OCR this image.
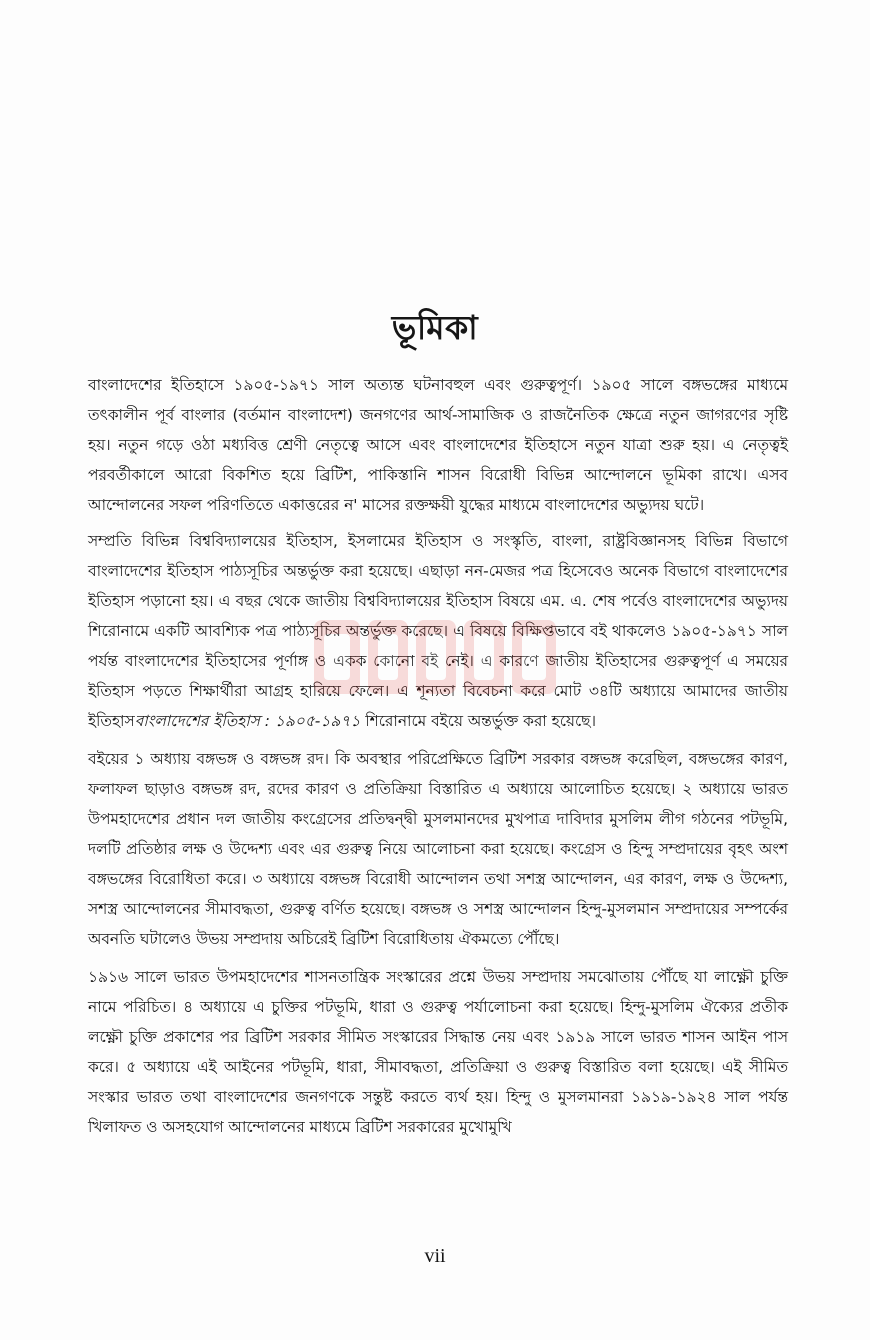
ভূমিকা

বাংলাদেশের ইতিহাসে ১৯০৫-১৯৭১ সাল অত্যন্ত ঘটনাবহুল এবং গুরুত্বপূর্ণ। ১৯০৫ সালে বঙ্গভঙ্গের মাধ্যমে তৎকালীন পূর্ব বাংলার (বর্তমান বাংলাদেশ) জনগণের আর্থ-সামাজিক ও রাজনৈতিক ক্ষেত্রে নতুন জাগরণের সৃষ্টি হয়। নতুন গড়ে ওঠা মধ্যবিত্ত শ্রেণী নেতৃত্বে আসে এবং বাংলাদেশের ইতিহাসে নতুন যাত্রা শুরু হয়। এ নেতৃত্বই পরবর্তীকালে আরো বিকশিত হয়ে ব্রিটিশ, পাকিস্তানি শাসন বিরোধী বিভিন্ন আন্দোলনে ভূমিকা রাখে। এসব আন্দোলনের সফল পরিণতিতে একাত্তরের ন' মাসের রক্তক্ষয়ী যুদ্ধের মাধ্যমে বাংলাদেশের অভ্যুদয় ঘটে।

সম্প্রতি বিভিন্ন বিশ্ববিদ্যালয়ের ইতিহাস, ইসলামের ইতিহাস ও সংস্কৃতি, বাংলা, রাষ্ট্রবিজ্ঞানসহ বিভিন্ন বিভাগে বাংলাদেশের ইতিহাস পাঠ্যসূচির অন্তর্ভুক্ত করা হয়েছে। এছাড়া নন-মেজর পত্র হিসেবেও অনেক বিভাগে বাংলাদেশের ইতিহাস পড়ানো হয়। এ বছর থেকে জাতীয় বিশ্ববিদ্যালয়ের ইতিহাস বিষয়ে এম. এ. শেষ পর্বেও বাংলাদেশের অভ্যুদয় শিরোনামে একটি আবশ্যিক পত্র পাঠ্যসূচির অন্তর্ভুক্ত করেছে। এ বিষয়ে বিক্ষিপ্তভাবে বই থাকলেও ১৯০৫-১৯৭১ সাল পর্যন্ত বাংলাদেশের ইতিহাসের পূর্ণাঙ্গ ও একক কোনো বই নেই। এ কারণে জাতীয় ইতিহাসের গুরুত্বপূর্ণ এ সময়ের ইতিহাস পড়তে শিক্ষার্থীরা আগ্রহ হারিয়ে ফেলে। এ শূন্যতা বিবেচনা করে মোট ৩৪টি অধ্যায়ে আমাদের জাতীয় ইতিহাসবাংলাদেশের ইতিহাস : ১৯০৫-১৯৭১ শিরোনামে বইয়ে অন্তর্ভুক্ত করা হয়েছে।

বইয়ের ১ অধ্যায় বঙ্গভঙ্গ ও বঙ্গভঙ্গ রদ। কি অবস্থার পরিপ্রেক্ষিতে ব্রিটিশ সরকার বঙ্গভঙ্গ করেছিল, বঙ্গভঙ্গের কারণ, ফলাফল ছাড়াও বঙ্গভঙ্গ রদ, রদের কারণ ও প্রতিক্রিয়া বিস্তারিত এ অধ্যায়ে আলোচিত হয়েছে। ২ অধ্যায়ে ভারত উপমহাদেশের প্রধান দল জাতীয় কংগ্রেসের প্রতিদ্বন্দ্বী মুসলমানদের মুখপাত্র দাবিদার মুসলিম লীগ গঠনের পটভূমি, দলটি প্রতিষ্ঠার লক্ষ ও উদ্দেশ্য এবং এর গুরুত্ব নিয়ে আলোচনা করা হয়েছে। কংগ্রেস ও হিন্দু সম্প্রদায়ের বৃহৎ অংশ বঙ্গভঙ্গের বিরোধিতা করে। ৩ অধ্যায়ে বঙ্গভঙ্গ বিরোধী আন্দোলন তথা সশস্ত্র আন্দোলন, এর কারণ, লক্ষ ও উদ্দেশ্য, সশস্ত্র আন্দোলনের সীমাবদ্ধতা, গুরুত্ব বর্ণিত হয়েছে। বঙ্গভঙ্গ ও সশস্ত্র আন্দোলন হিন্দু-মুসলমান সম্প্রদায়ের সম্পর্কের অবনতি ঘটালেও উভয় সম্প্রদায় অচিরেই ব্রিটিশ বিরোধিতায় ঐকমত্যে পৌঁছে।

১৯১৬ সালে ভারত উপমহাদেশের শাসনতান্ত্রিক সংস্কারের প্রশ্নে উভয় সম্প্রদায় সমঝোতায় পৌঁছে যা লাক্ষ্ণৌ চুক্তি নামে পরিচিত। ৪ অধ্যায়ে এ চুক্তির পটভূমি, ধারা ও গুরুত্ব পর্যালোচনা করা হয়েছে। হিন্দু-মুসলিম ঐক্যের প্রতীক লক্ষ্ণৌ চুক্তি প্রকাশের পর ব্রিটিশ সরকার সীমিত সংস্কারের সিদ্ধান্ত নেয় এবং ১৯১৯ সালে ভারত শাসন আইন পাস করে। ৫ অধ্যায়ে এই আইনের পটভূমি, ধারা, সীমাবদ্ধতা, প্রতিক্রিয়া ও গুরুত্ব বিস্তারিত বলা হয়েছে। এই সীমিত সংস্কার ভারত তথা বাংলাদেশের জনগণকে সন্তুষ্ট করতে ব্যর্থ হয়। হিন্দু ও মুসলমানরা ১৯১৯-১৯২৪ সাল পর্যন্ত খিলাফত ও অসহযোগ আন্দোলনের মাধ্যমে ব্রিটিশ সরকারের মুখোমুখি

vii
